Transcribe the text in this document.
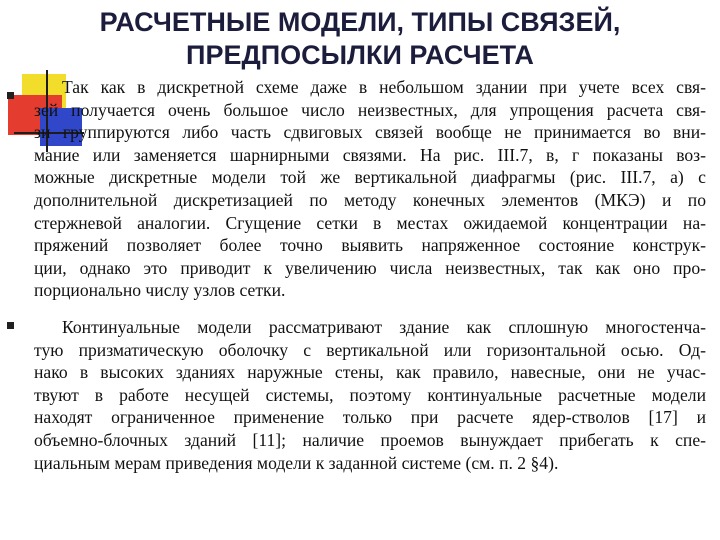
РАСЧЕТНЫЕ МОДЕЛИ, ТИПЫ СВЯЗЕЙ,
ПРЕДПОСЫЛКИ РАСЧЕТА
Так как в дискретной схеме даже в небольшом здании при учете всех свя-
зей получается очень большое число неизвестных, для упрощения расчета свя-
зи группируются либо часть сдвиговых связей вообще не принимается во вни-
мание или заменяется шарнирными связями. На рис. III.7, в, г показаны воз-
можные дискретные модели той же вертикальной диафрагмы (рис. III.7, а) с
дополнительной дискретизацией по методу конечных элементов (МКЭ) и по
стержневой аналогии. Сгущение сетки в местах ожидаемой концентрации на-
пряжений позволяет более точно выявить напряженное состояние конструк-
ции, однако это приводит к увеличению числа неизвестных, так как оно про-
порционально числу узлов сетки.
Континуальные модели рассматривают здание как сплошную многостенча-
тую призматическую оболочку с вертикальной или горизонтальной осью. Од-
нако в высоких зданиях наружные стены, как правило, навесные, они не учас-
твуют в работе несущей системы, поэтому континуальные расчетные модели
находят ограниченное применение только при расчете ядер-стволов [17] и
объемно-блочных зданий [11]; наличие проемов вынуждает прибегать к спе-
циальным мерам приведения модели к заданной системе (см. п. 2 §4).
